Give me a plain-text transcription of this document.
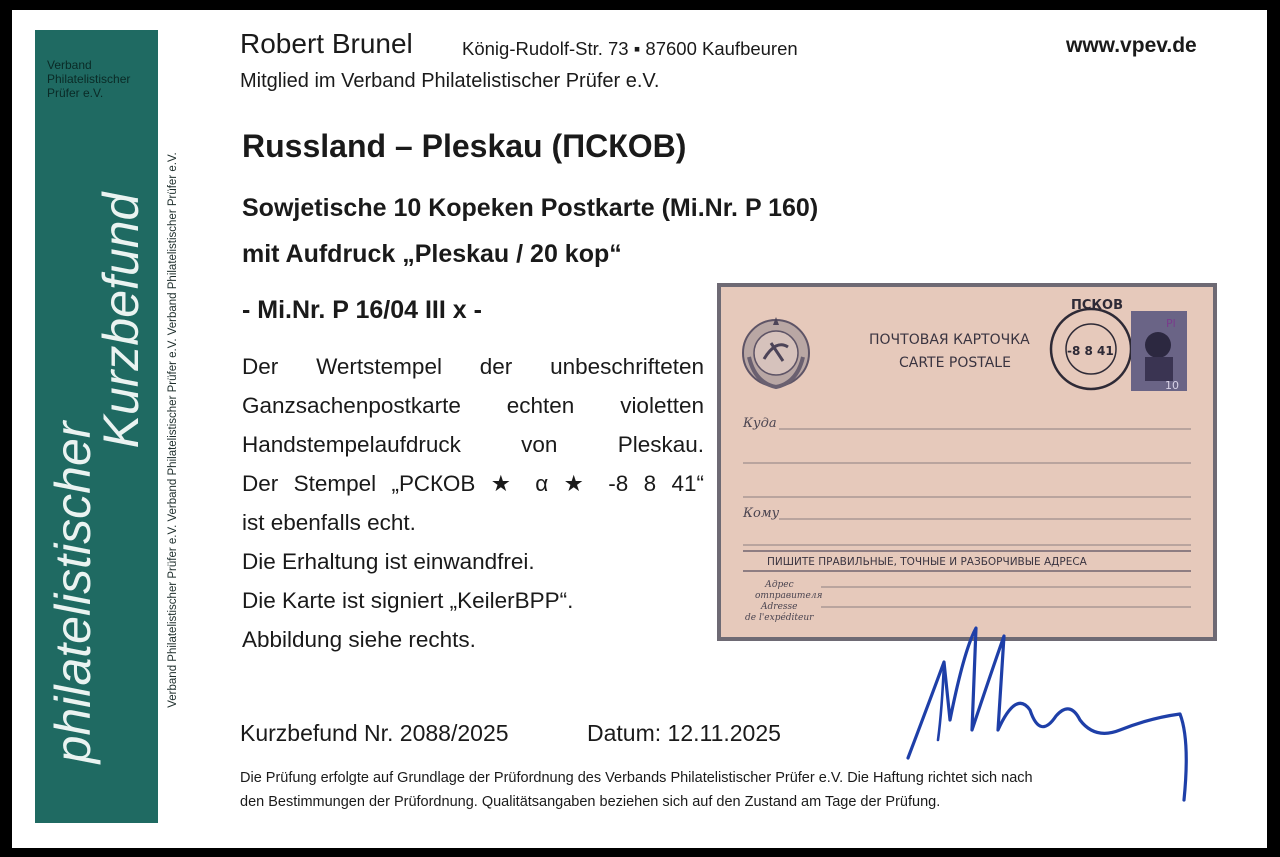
Verband
Philatelistischer
Prüfer e.V.
philatelistischer
Kurzbefund Verband Philatelistischer Prüfer e.V. Verband Philatelistischer Prüfer e.V. Verband Philatelistischer Prüfer e.V.
Robert Brunel	König-Rudolf-Str. 73 ▪ 87600 Kaufbeuren
Mitglied im Verband Philatelistischer Prüfer e.V.
www.vpev.de
Russland – Pleskau (ПСКОВ)
Sowjetische 10 Kopeken Postkarte (Mi.Nr. P 160)
mit Aufdruck „Pleskau / 20 kop“
- Mi.Nr. P 16/04 III x -
Der Wertstempel der unbeschrifteten
Ganzsachenpostkarte echten violetten
Handstempelaufdruck von Pleskau.
Der Stempel „РСКОВ ★ α ★ -8 8 41“
ist ebenfalls echt.
Die Erhaltung ist einwandfrei.
Die Karte ist signiert „KeilerBPP“.
Abbildung siehe rechts.
ПОЧТОВАЯ КАРТОЧКА
CARTE POSTALE
-8 8 41
ПСКОВ
10
Pl
Куда
Кому
ПИШИТЕ ПРАВИЛЬНЫЕ, ТОЧНЫЕ И РАЗБОРЧИВЫЕ АДРЕСА
Адрес
отправителя
Adresse
de l'expéditeur
Kurzbefund Nr. 2088/2025	Datum: 12.11.2025
Die Prüfung erfolgte auf Grundlage der Prüfordnung des Verbands Philatelistischer Prüfer e.V. Die Haftung richtet sich nach
den Bestimmungen der Prüfordnung. Qualitätsangaben beziehen sich auf den Zustand am Tage der Prüfung.
